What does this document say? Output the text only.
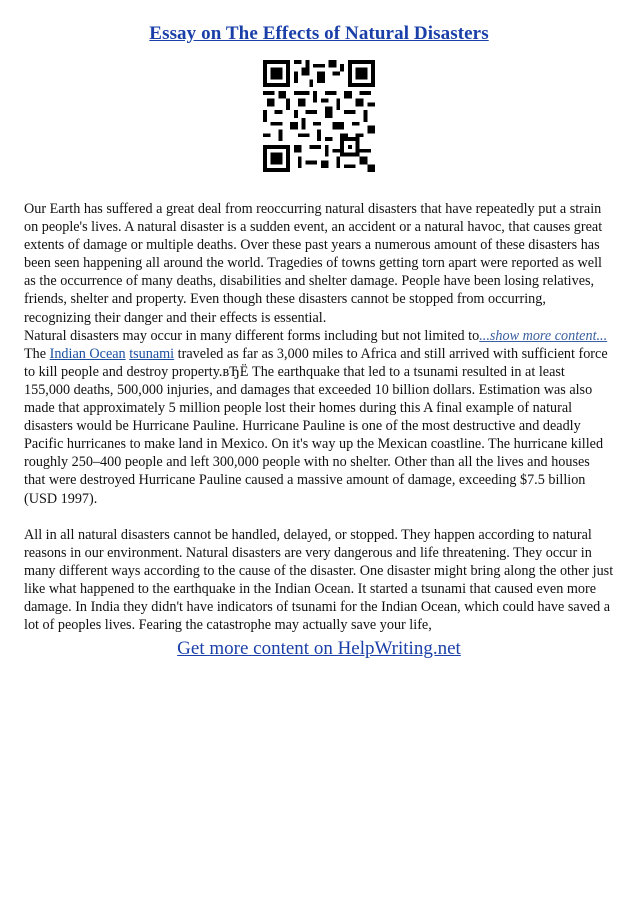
Essay on The Effects of Natural Disasters

Our Earth has suffered a great deal from reoccurring natural disasters that have repeatedly put a strain on people's lives. A natural disaster is a sudden event, an accident or a natural havoc, that causes great extents of damage or multiple deaths. Over these past years a numerous amount of these disasters has been seen happening all around the world. Tragedies of towns getting torn apart were reported as well as the occurrence of many deaths, disabilities and shelter damage. People have been losing relatives, friends, shelter and property. Even though these disasters cannot be stopped from occurring, recognizing their danger and their effects is essential.

Natural disasters may occur in many different forms including but not limited to...show more content...

The Indian Ocean tsunami traveled as far as 3,000 miles to Africa and still arrived with sufficient force to kill people and destroy property.вЂЁ The earthquake that led to a tsunami resulted in at least 155,000 deaths, 500,000 injuries, and damages that exceeded 10 billion dollars. Estimation was also made that approximately 5 million people lost their homes during this A final example of natural disasters would be Hurricane Pauline. Hurricane Pauline is one of the most destructive and deadly Pacific hurricanes to make land in Mexico. On it's way up the Mexican coastline. The hurricane killed roughly 250–400 people and left 300,000 people with no shelter. Other than all the lives and houses that were destroyed Hurricane Pauline caused a massive amount of damage, exceeding $7.5 billion (USD 1997).

All in all natural disasters cannot be handled, delayed, or stopped. They happen according to natural reasons in our environment. Natural disasters are very dangerous and life threatening. They occur in many different ways according to the cause of the disaster. One disaster might bring along the other just like what happened to the earthquake in the Indian Ocean. It started a tsunami that caused even more damage. In India they didn't have indicators of tsunami for the Indian Ocean, which could have saved a lot of peoples lives. Fearing the catastrophe may actually save your life,

Get more content on HelpWriting.net
